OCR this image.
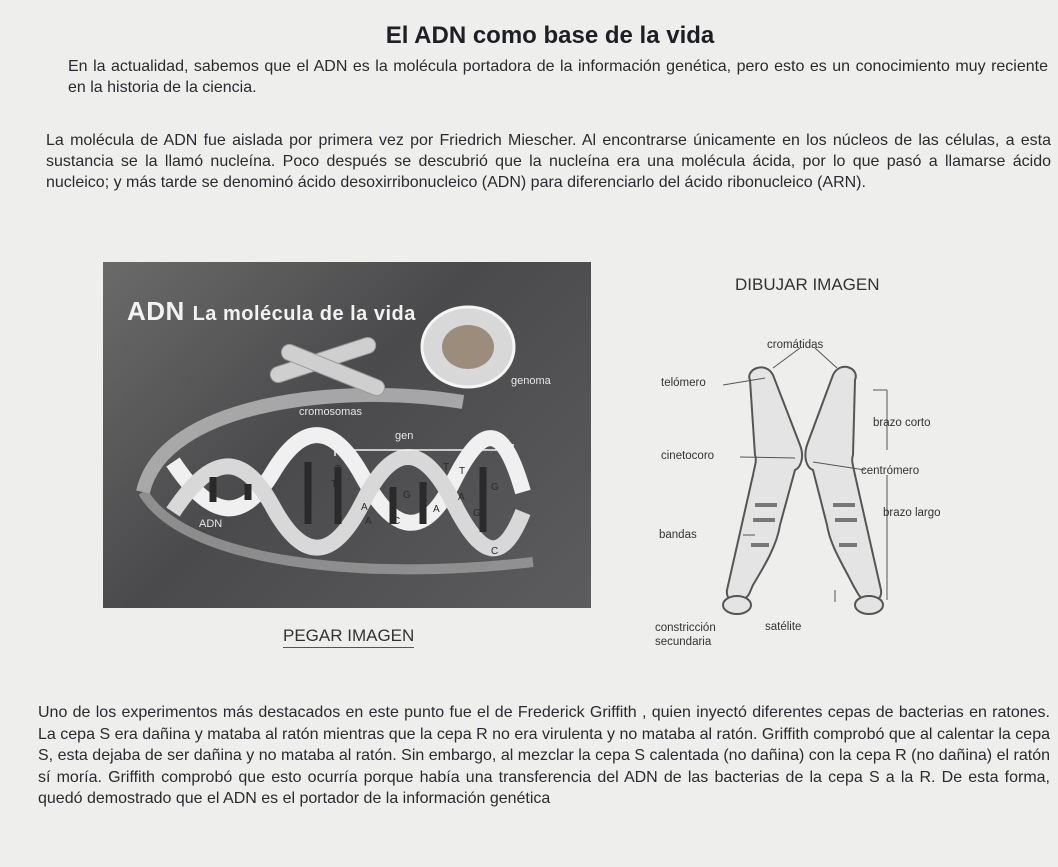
El ADN como base de la vida
En la actualidad, sabemos que el ADN es la molécula portadora de la información genética, pero esto es un conocimiento muy reciente en la historia de la ciencia.
La molécula de ADN fue aislada por primera vez por Friedrich Miescher. Al encontrarse únicamente en los núcleos de las células, a esta sustancia se la llamó nucleína. Poco después se descubrió que la nucleína era una molécula ácida, por lo que pasó a llamarse ácido nucleico; y más tarde se denominó ácido desoxirribonucleico (ADN) para diferenciarlo del ácido ribonucleico (ARN).
T
A
G
A
T
A
G
C
A
G
T
T
C
ADN La molécula de la vida
genoma
cromosomas
gen
ADN
PEGAR IMAGEN
DIBUJAR IMAGEN
cromátidas
telómero
brazo corto
cinetocoro
centrómero
brazo largo
bandas
constricción secundaria
satélite
Uno de los experimentos más destacados en este punto fue el de Frederick Griffith , quien inyectó diferentes cepas de bacterias en ratones. La cepa S era dañina y mataba al ratón mientras que la cepa R no era virulenta y no mataba al ratón. Griffith comprobó que al calentar la cepa S, esta dejaba de ser dañina y no mataba al ratón. Sin embargo, al mezclar la cepa S calentada (no dañina) con la cepa R (no dañina) el ratón sí moría. Griffith comprobó que esto ocurría porque había una transferencia del ADN de las bacterias de la cepa S a la R. De esta forma, quedó demostrado que el ADN es el portador de la información genética
